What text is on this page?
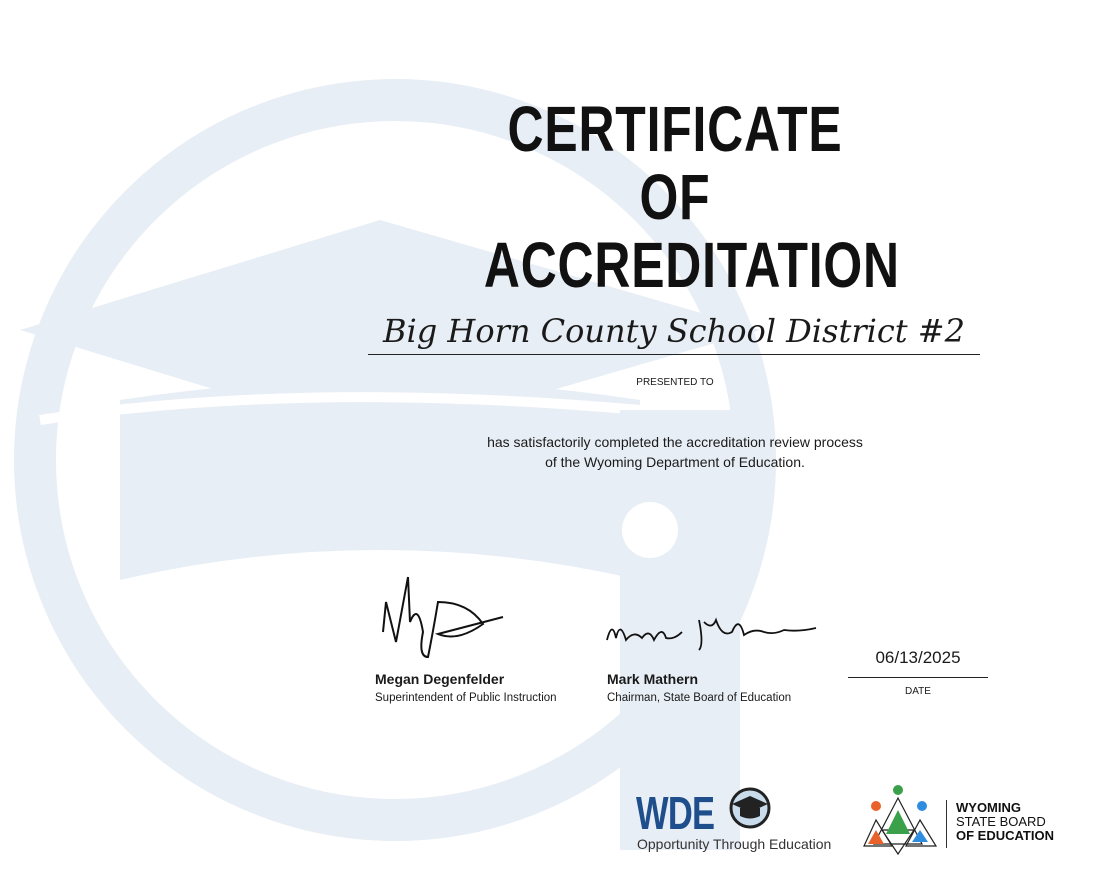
CERTIFICATE OF
ACCREDITATION
Big Horn County School District #2
PRESENTED TO
has satisfactorily completed the accreditation review process
of the Wyoming Department of Education.
Megan Degenfelder
Superintendent of Public Instruction
Mark Mathern
Chairman, State Board of Education
06/13/2025
DATE
WDE
Opportunity Through Education
WYOMING
STATE BOARD
OF EDUCATION
